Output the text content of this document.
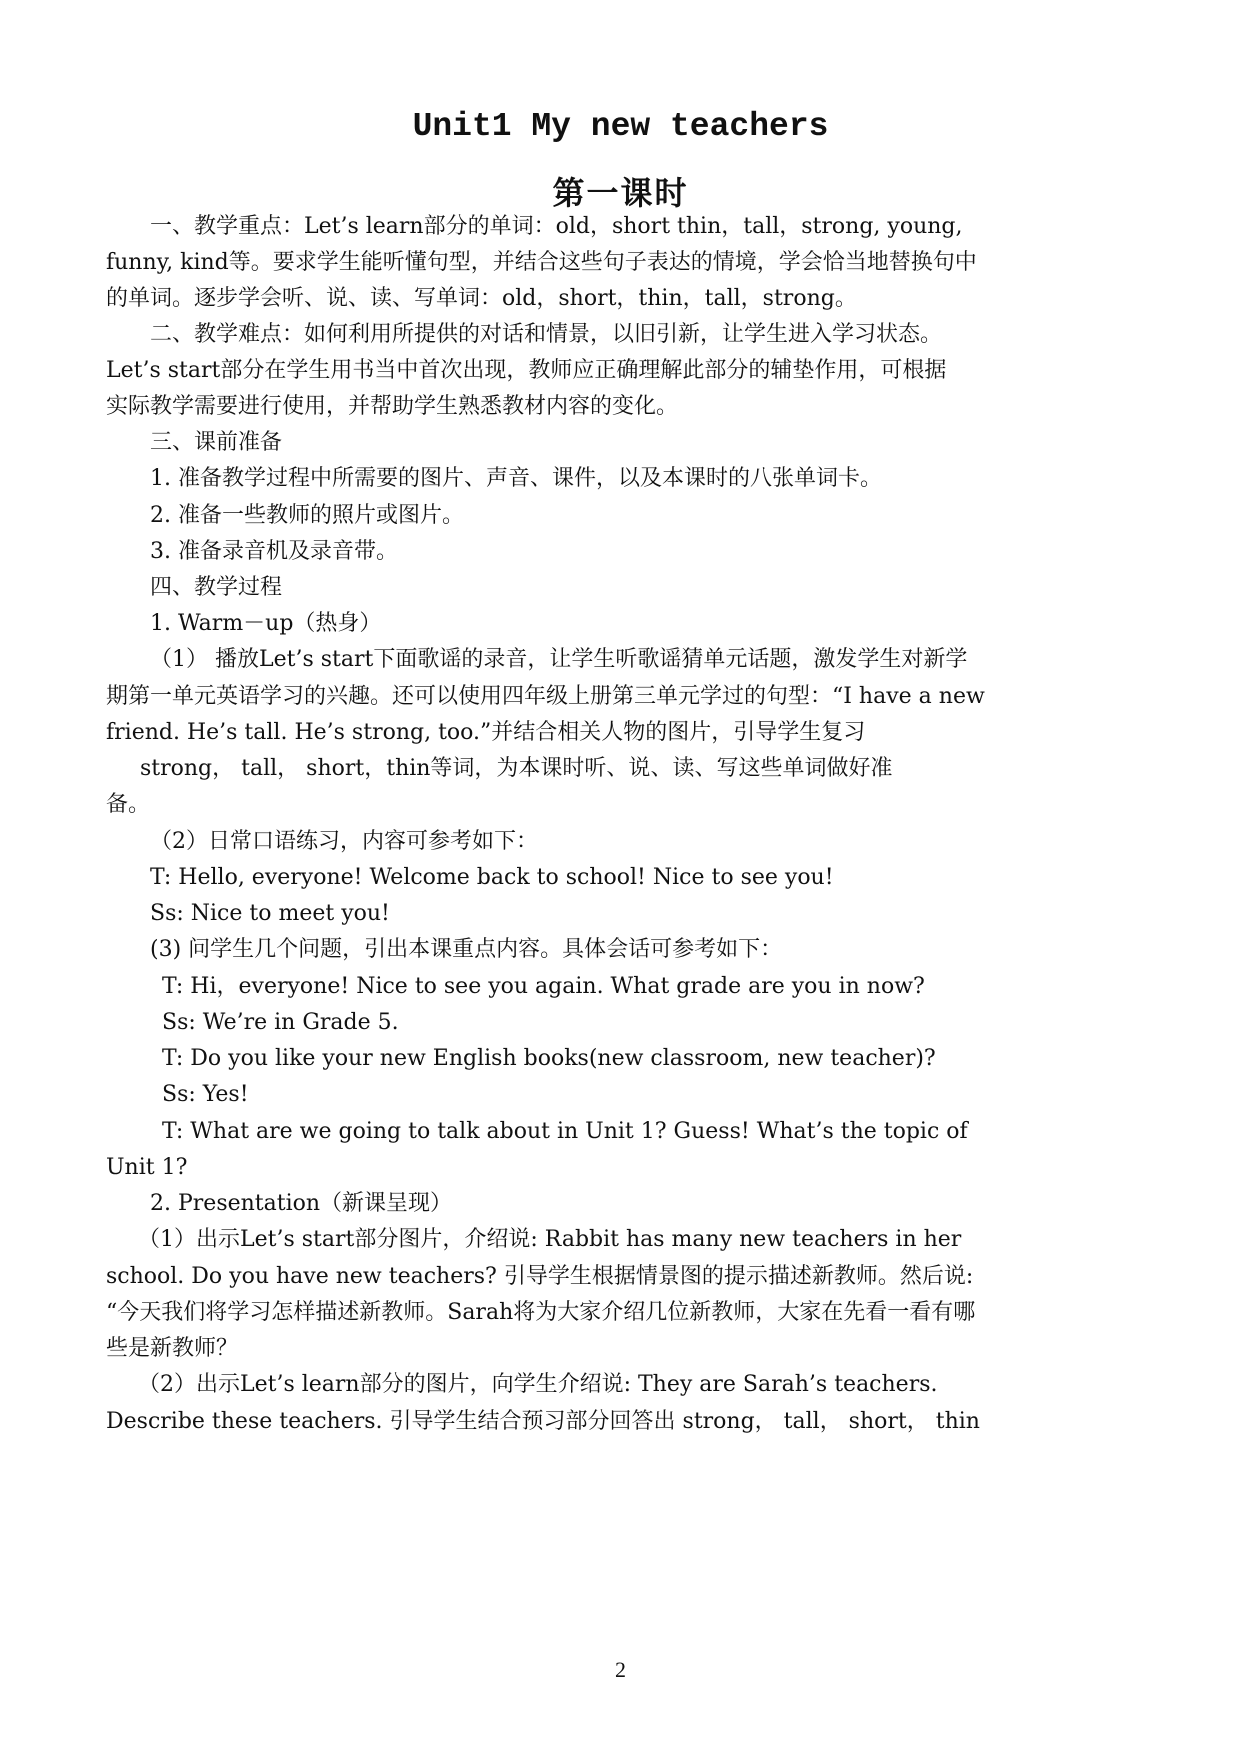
Unit1 My new teachers
第一课时
一、教学重点：Let’s learn部分的单词：old，short thin，tall，strong, young,
funny, kind等。要求学生能听懂句型，并结合这些句子表达的情境，学会恰当地替换句中
的单词。逐步学会听、说、读、写单词：old，short，thin，tall，strong。
二、教学难点：如何利用所提供的对话和情景，以旧引新，让学生进入学习状态。
Let’s start部分在学生用书当中首次出现，教师应正确理解此部分的辅垫作用，可根据
实际教学需要进行使用，并帮助学生熟悉教材内容的变化。
三、课前准备
1. 准备教学过程中所需要的图片、声音、课件，以及本课时的八张单词卡。
2. 准备一些教师的照片或图片。
3. 准备录音机及录音带。
四、教学过程
1. Warm－up（热身）
（1） 播放Let’s start下面歌谣的录音，让学生听歌谣猜单元话题，激发学生对新学
期第一单元英语学习的兴趣。还可以使用四年级上册第三单元学过的句型：“I have a new
friend. He’s tall. He’s strong, too.”并结合相关人物的图片，引导学生复习
strong， tall， short，thin等词，为本课时听、说、读、写这些单词做好准
备。
（2）日常口语练习，内容可参考如下：
T: Hello, everyone! Welcome back to school! Nice to see you!
Ss: Nice to meet you!
(3) 问学生几个问题，引出本课重点内容。具体会话可参考如下：
T: Hi，everyone! Nice to see you again. What grade are you in now?
Ss: We’re in Grade 5.
T: Do you like your new English books(new classroom, new teacher)?
Ss: Yes!
T: What are we going to talk about in Unit 1? Guess! What’s the topic of
Unit 1?
2. Presentation（新课呈现）
（1）出示Let’s start部分图片，介绍说: Rabbit has many new teachers in her
school. Do you have new teachers? 引导学生根据情景图的提示描述新教师。然后说:
“今天我们将学习怎样描述新教师。Sarah将为大家介绍几位新教师，大家在先看一看有哪
些是新教师？
（2）出示Let’s learn部分的图片，向学生介绍说: They are Sarah’s teachers.
Describe these teachers. 引导学生结合预习部分回答出 strong， tall， short， thin
2
